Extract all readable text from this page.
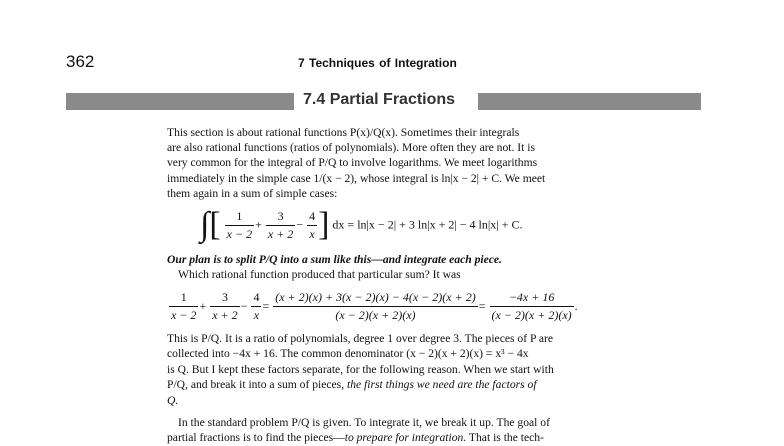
362	7 Techniques of Integration
7.4 Partial Fractions
This section is about rational functions P(x)/Q(x). Sometimes their integrals
are also rational functions (ratios of polynomials). More often they are not. It is
very common for the integral of P/Q to involve logarithms. We meet logarithms
immediately in the simple case 1/(x − 2), whose integral is ln|x − 2| + C. We meet
them again in a sum of simple cases:
∫[ $\frac{1}{x - 2} + \frac{3}{x + 2} - \frac{4}{x}$ ] dx = ln|x − 2| + 3 ln|x + 2| − 4 ln|x| + C.
Our plan is to split P/Q into a sum like this—and integrate each piece.
Which rational function produced that particular sum? It was
$\frac{1}{x - 2} + \frac{3}{x + 2} - \frac{4}{x} = \frac{(x + 2)(x) + 3(x - 2)(x) - 4(x - 2)(x + 2)}{(x - 2)(x + 2)(x)} = \frac{-4x + 16}{(x - 2)(x + 2)(x)}$ .
This is P/Q. It is a ratio of polynomials, degree 1 over degree 3. The pieces of P are
collected into −4x + 16. The common denominator (x − 2)(x + 2)(x) = x³ − 4x
is Q. But I kept these factors separate, for the following reason. When we start with
P/Q, and break it into a sum of pieces, the first things we need are the factors of
Q.
In the standard problem P/Q is given. To integrate it, we break it up. The goal of
partial fractions is to find the pieces—to prepare for integration. That is the tech-
